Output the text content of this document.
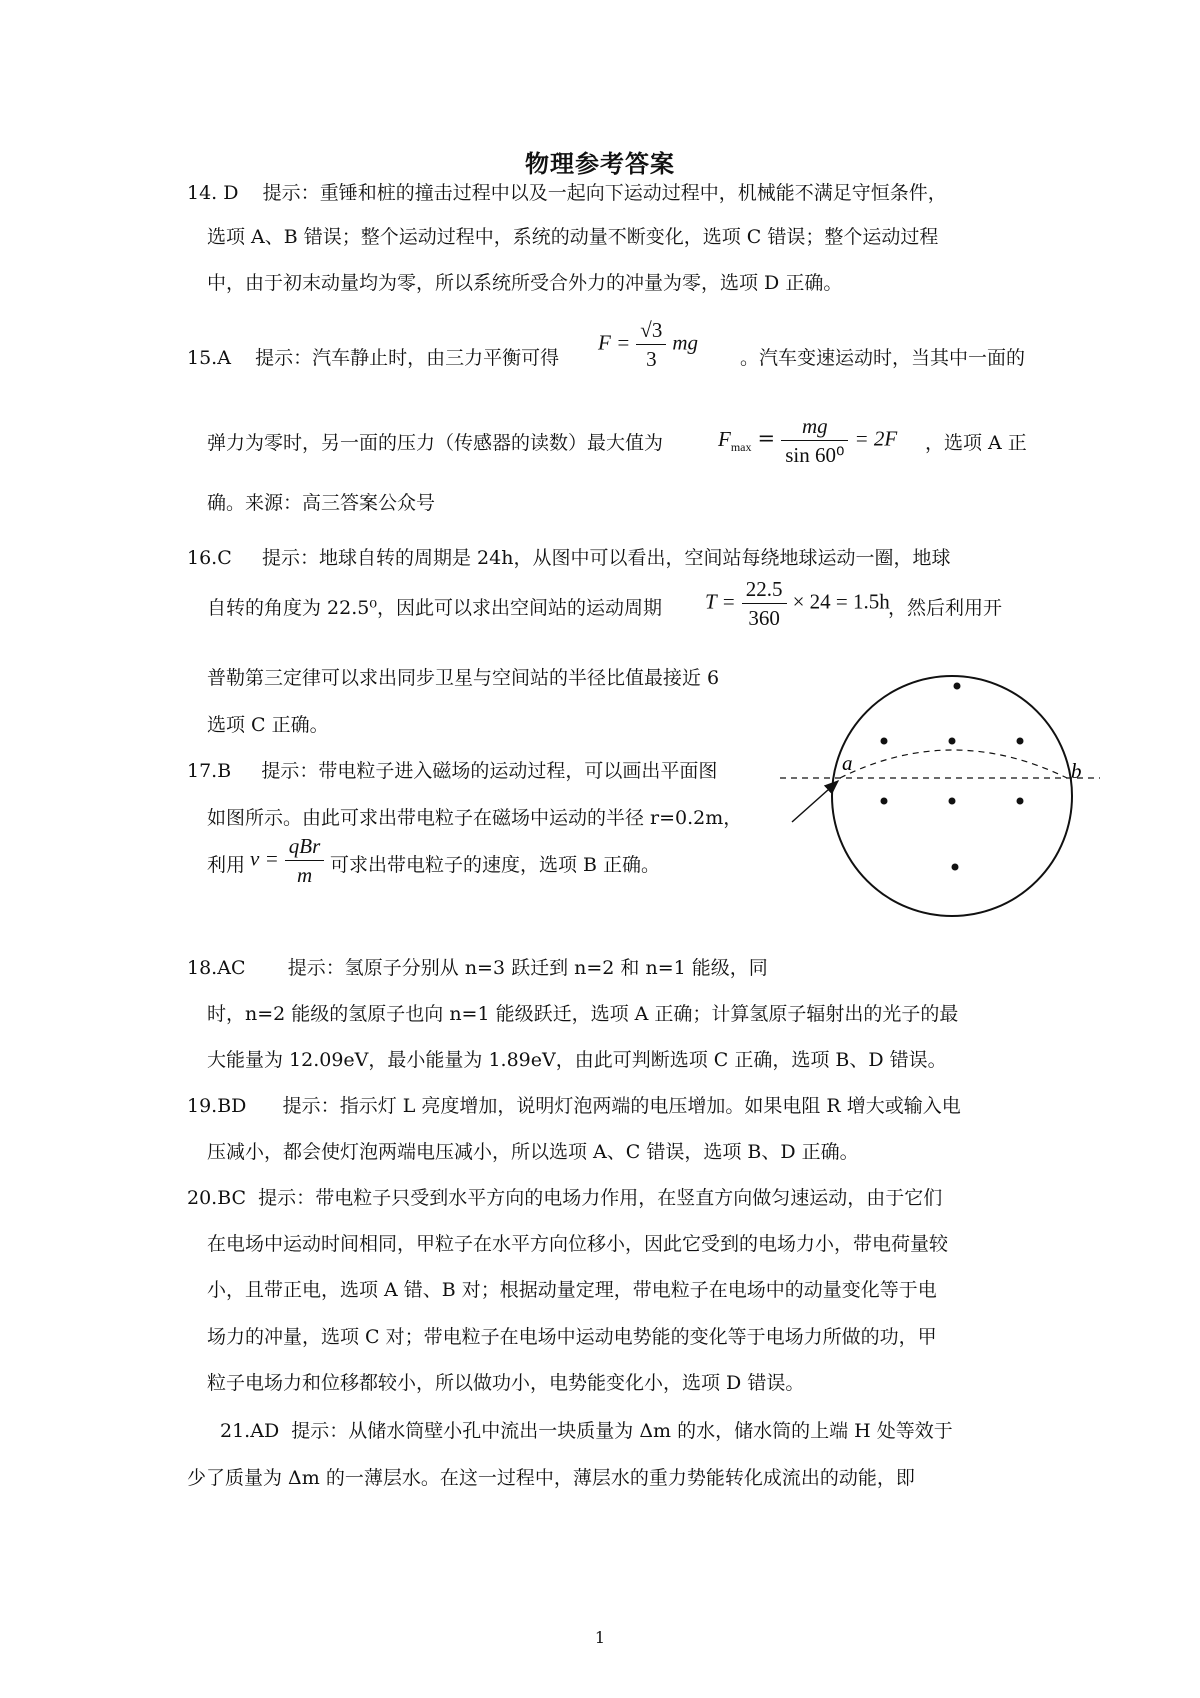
物理参考答案
14. D 提示：重锤和桩的撞击过程中以及一起向下运动过程中，机械能不满足守恒条件，
选项 A、B 错误；整个运动过程中，系统的动量不断变化，选项 C 错误；整个运动过程
中，由于初末动量均为零，所以系统所受合外力的冲量为零，选项 D 正确。
15.A 提示：汽车静止时，由三力平衡可得
$F = \frac{√3}{3}$ mg
。汽车变速运动时，当其中一面的
弹力为零时，另一面的压力（传感器的读数）最大值为	$F_{max} = \frac{mg}{\text{sin 60⁰}} = 2F$ ，选项 A 正
确。来源：高三答案公众号
16.C 提示：地球自转的周期是 24h，从图中可以看出，空间站每绕地球运动一圈，地球
自转的角度为 22.5⁰，因此可以求出空间站的运动周期 $T = \frac{22.5}{360} \times 24 = 1.5h$
，然后利用开
普勒第三定律可以求出同步卫星与空间站的半径比值最接近 6
选项 C 正确。
17.B 提示：带电粒子进入磁场的运动过程，可以画出平面图
如图所示。由此可求出带电粒子在磁场中运动的半径 r=0.2m，
利用 $v = \frac{\text{qBr}}{m}$ 可求出带电粒子的速度，选项 B 正确。
a	b
18.AC 提示：氢原子分别从 n=3 跃迁到 n=2 和 n=1 能级，同
时，n=2 能级的氢原子也向 n=1 能级跃迁，选项 A 正确；计算氢原子辐射出的光子的最
大能量为 12.09eV，最小能量为 1.89eV，由此可判断选项 C 正确，选项 B、D 错误。
19.BD 提示：指示灯 L 亮度增加，说明灯泡两端的电压增加。如果电阻 R 增大或输入电
压减小，都会使灯泡两端电压减小，所以选项 A、C 错误，选项 B、D 正确。
20.BC 提示：带电粒子只受到水平方向的电场力作用，在竖直方向做匀速运动，由于它们
在电场中运动时间相同，甲粒子在水平方向位移小，因此它受到的电场力小，带电荷量较
小，且带正电，选项 A 错、B 对；根据动量定理，带电粒子在电场中的动量变化等于电
场力的冲量，选项 C 对；带电粒子在电场中运动电势能的变化等于电场力所做的功，甲
粒子电场力和位移都较小，所以做功小，电势能变化小，选项 D 错误。
21.AD 提示：从储水筒壁小孔中流出一块质量为 Δm 的水，储水筒的上端 H 处等效于
少了质量为 Δm 的一薄层水。在这一过程中，薄层水的重力势能转化成流出的动能，即
1
